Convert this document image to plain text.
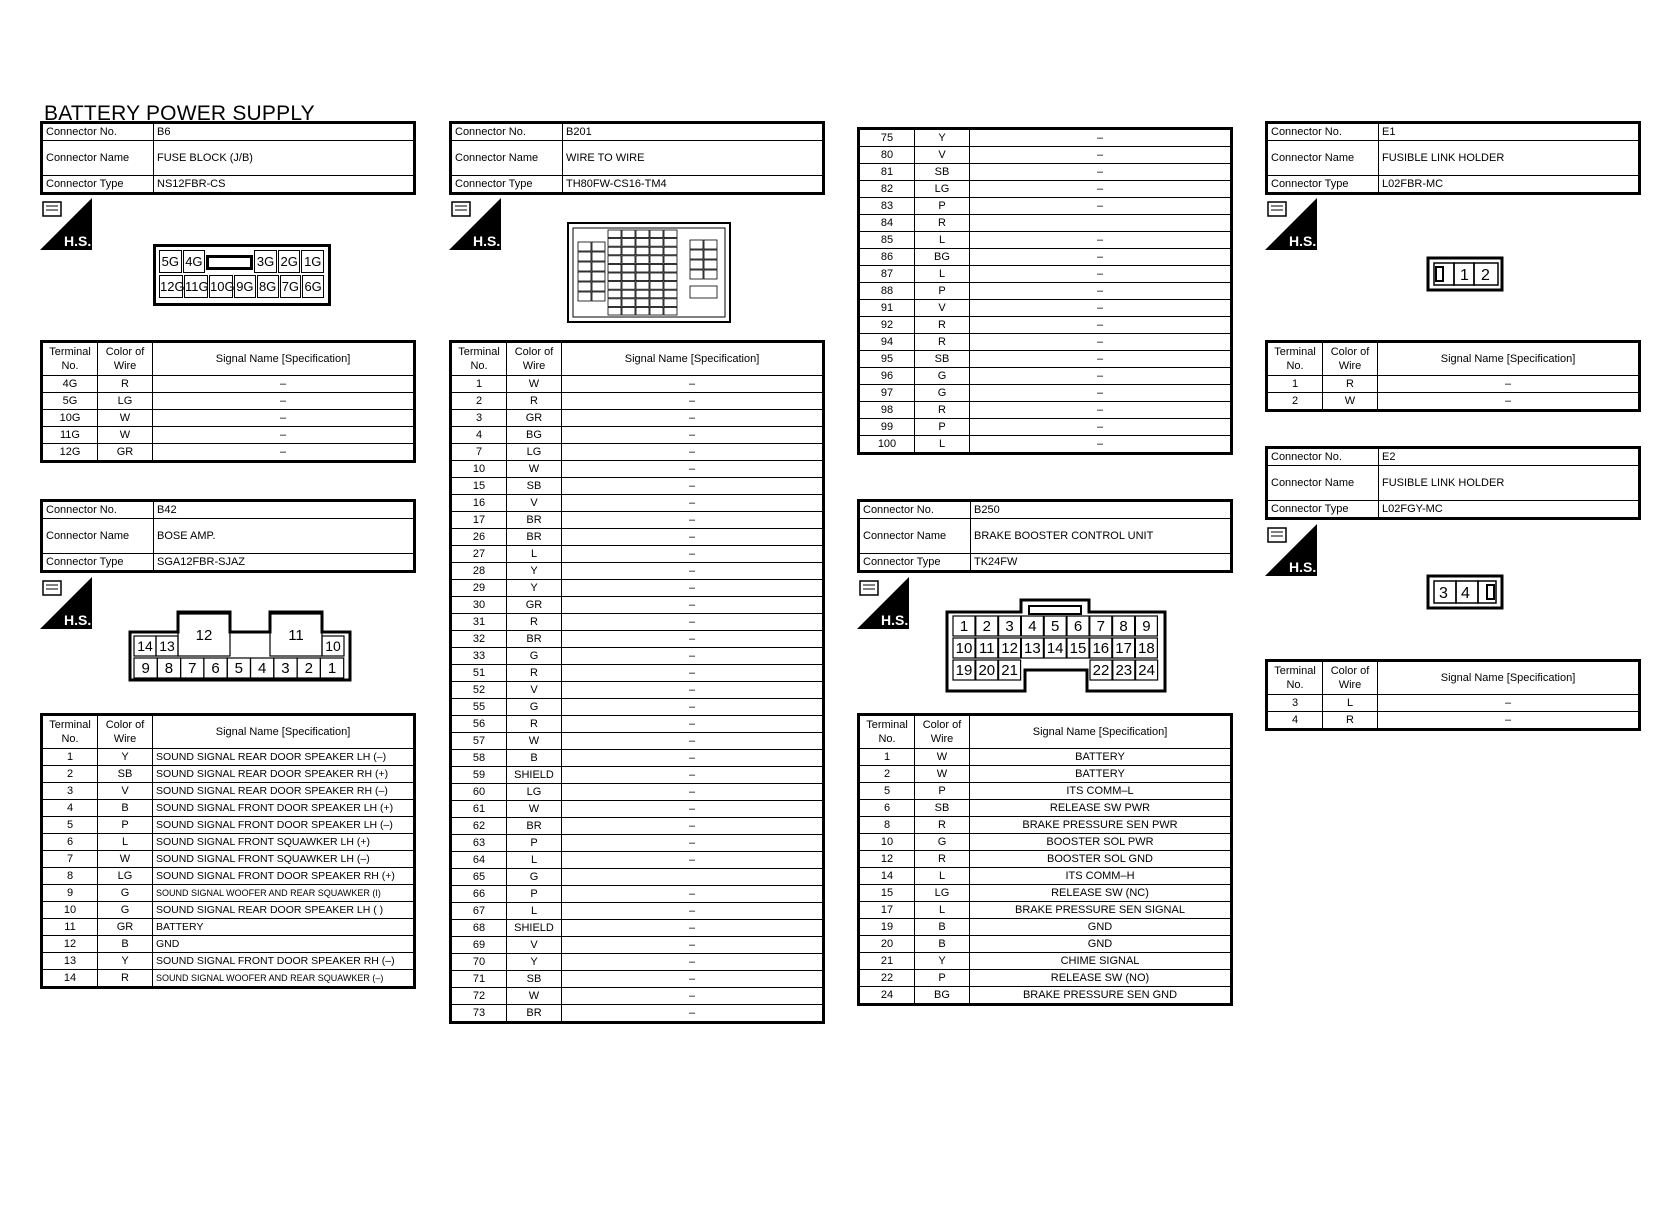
BATTERY POWER SUPPLY
Connector No.	B6
Connector Name	FUSE BLOCK (J/B)
Connector Type	NS12FBR-CS
H.S.
5G 4G	3G 2G 1G
12G 11G 10G 9G 8G 7G 6G
Terminal No.	Color of Wire	Signal Name [Specification]
4G	R	–
5G	LG	–
10G	W	–
11G	W	–
12G	GR	–
Connector No.	B42
Connector Name	BOSE AMP.
Connector Type	SGA12FBR-SJAZ
H.S.
14 13
12	11
10
9 8 7 6 5 4 3 2 1
Terminal No.	Color of Wire	Signal Name [Specification]
1	Y	SOUND SIGNAL REAR DOOR SPEAKER LH (–)
2	SB	SOUND SIGNAL REAR DOOR SPEAKER RH (+)
3	V	SOUND SIGNAL REAR DOOR SPEAKER RH (–)
4	B	SOUND SIGNAL FRONT DOOR SPEAKER LH (+)
5	P	SOUND SIGNAL FRONT DOOR SPEAKER LH (–)
6	L	SOUND SIGNAL FRONT SQUAWKER LH (+)
7	W	SOUND SIGNAL FRONT SQUAWKER LH (–)
8	LG	SOUND SIGNAL FRONT DOOR SPEAKER RH (+)
9	G	SOUND SIGNAL WOOFER AND REAR SQUAWKER (I)
10	G	SOUND SIGNAL REAR DOOR SPEAKER LH ( )
11	GR	BATTERY
12	B	GND
13	Y	SOUND SIGNAL FRONT DOOR SPEAKER RH (–)
14	R	SOUND SIGNAL WOOFER AND REAR SQUAWKER (–)
Connector No.	B201
Connector Name	WIRE TO WIRE
Connector Type	TH80FW-CS16-TM4
H.S.
Terminal No.	Color of Wire	Signal Name [Specification]
1	W	–
2	R	–
3	GR	–
4	BG	–
7	LG	–
10	W	–
15	SB	–
16	V	–
17	BR	–
26	BR	–
27	L	–
28	Y	–
29	Y	–
30	GR	–
31	R	–
32	BR	–
33	G	–
51	R	–
52	V	–
55	G	–
56	R	–
57	W	–
58	B	–
59	SHIELD	–
60	LG	–
61	W	–
62	BR	–
63	P	–
64	L	–
65	G	
66	P	–
67	L	–
68	SHIELD	–
69	V	–
70	Y	–
71	SB	–
72	W	–
73	BR	–
75	Y	–
80	V	–
81	SB	–
82	LG	–
83	P	–
84	R	
85	L	–
86	BG	–
87	L	–
88	P	–
91	V	–
92	R	–
94	R	–
95	SB	–
96	G	–
97	G	–
98	R	–
99	P	–
100	L	–
Connector No.	B250
Connector Name	BRAKE BOOSTER CONTROL UNIT
Connector Type	TK24FW
H.S.	1 2 3 4 5 6 7 8 9
10 11 12 13 14 15 16 17 18
19 20 21	22 23 24
Terminal No.	Color of Wire	Signal Name [Specification]
1	W	BATTERY
2	W	BATTERY
5	P	ITS COMM–L
6	SB	RELEASE SW PWR
8	R	BRAKE PRESSURE SEN PWR
10	G	BOOSTER SOL PWR
12	R	BOOSTER SOL GND
14	L	ITS COMM–H
15	LG	RELEASE SW (NC)
17	L	BRAKE PRESSURE SEN SIGNAL
19	B	GND
20	B	GND
21	Y	CHIME SIGNAL
22	P	RELEASE SW (NO)
24	BG	BRAKE PRESSURE SEN GND
Connector No.	E1
Connector Name	FUSIBLE LINK HOLDER
Connector Type	L02FBR-MC
H.S.
1 2
Terminal No.	Color of Wire	Signal Name [Specification]
1	R	–
2	W	–
Connector No.	E2
Connector Name	FUSIBLE LINK HOLDER
Connector Type	L02FGY-MC
H.S.
3 4
Terminal No.	Color of Wire	Signal Name [Specification]
3	L	–
4	R	–
